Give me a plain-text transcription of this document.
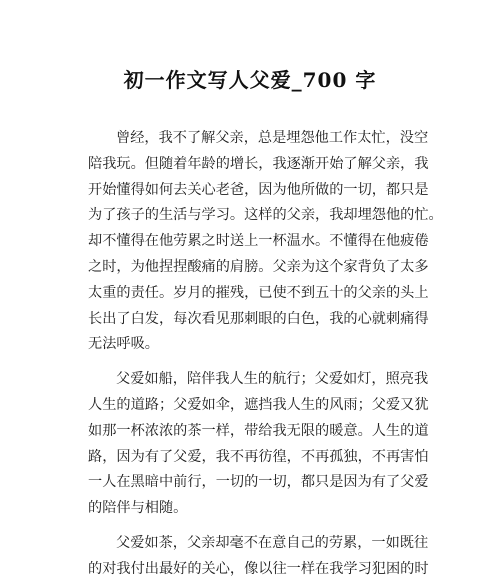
初一作文写人父爱_700 字

曾经，我不了解父亲，总是埋怨他工作太忙，没空
陪我玩。但随着年龄的增长，我逐渐开始了解父亲，我
开始懂得如何去关心老爸，因为他所做的一切，都只是
为了孩子的生活与学习。这样的父亲，我却埋怨他的忙。
却不懂得在他劳累之时送上一杯温水。不懂得在他疲倦
之时，为他捏捏酸痛的肩膀。父亲为这个家背负了太多
太重的责任。岁月的摧残，已使不到五十的父亲的头上
长出了白发，每次看见那刺眼的白色，我的心就刺痛得
无法呼吸。

父爱如船，陪伴我人生的航行；父爱如灯，照亮我
人生的道路；父爱如伞，遮挡我人生的风雨；父爱又犹
如那一杯浓浓的茶一样，带给我无限的暖意。人生的道
路，因为有了父爱，我不再彷徨，不再孤独，不再害怕
一人在黑暗中前行，一切的一切，都只是因为有了父爱
的陪伴与相随。

父爱如茶，父亲却毫不在意自己的劳累，一如既往
的对我付出最好的关心，像以往一样在我学习犯困的时
